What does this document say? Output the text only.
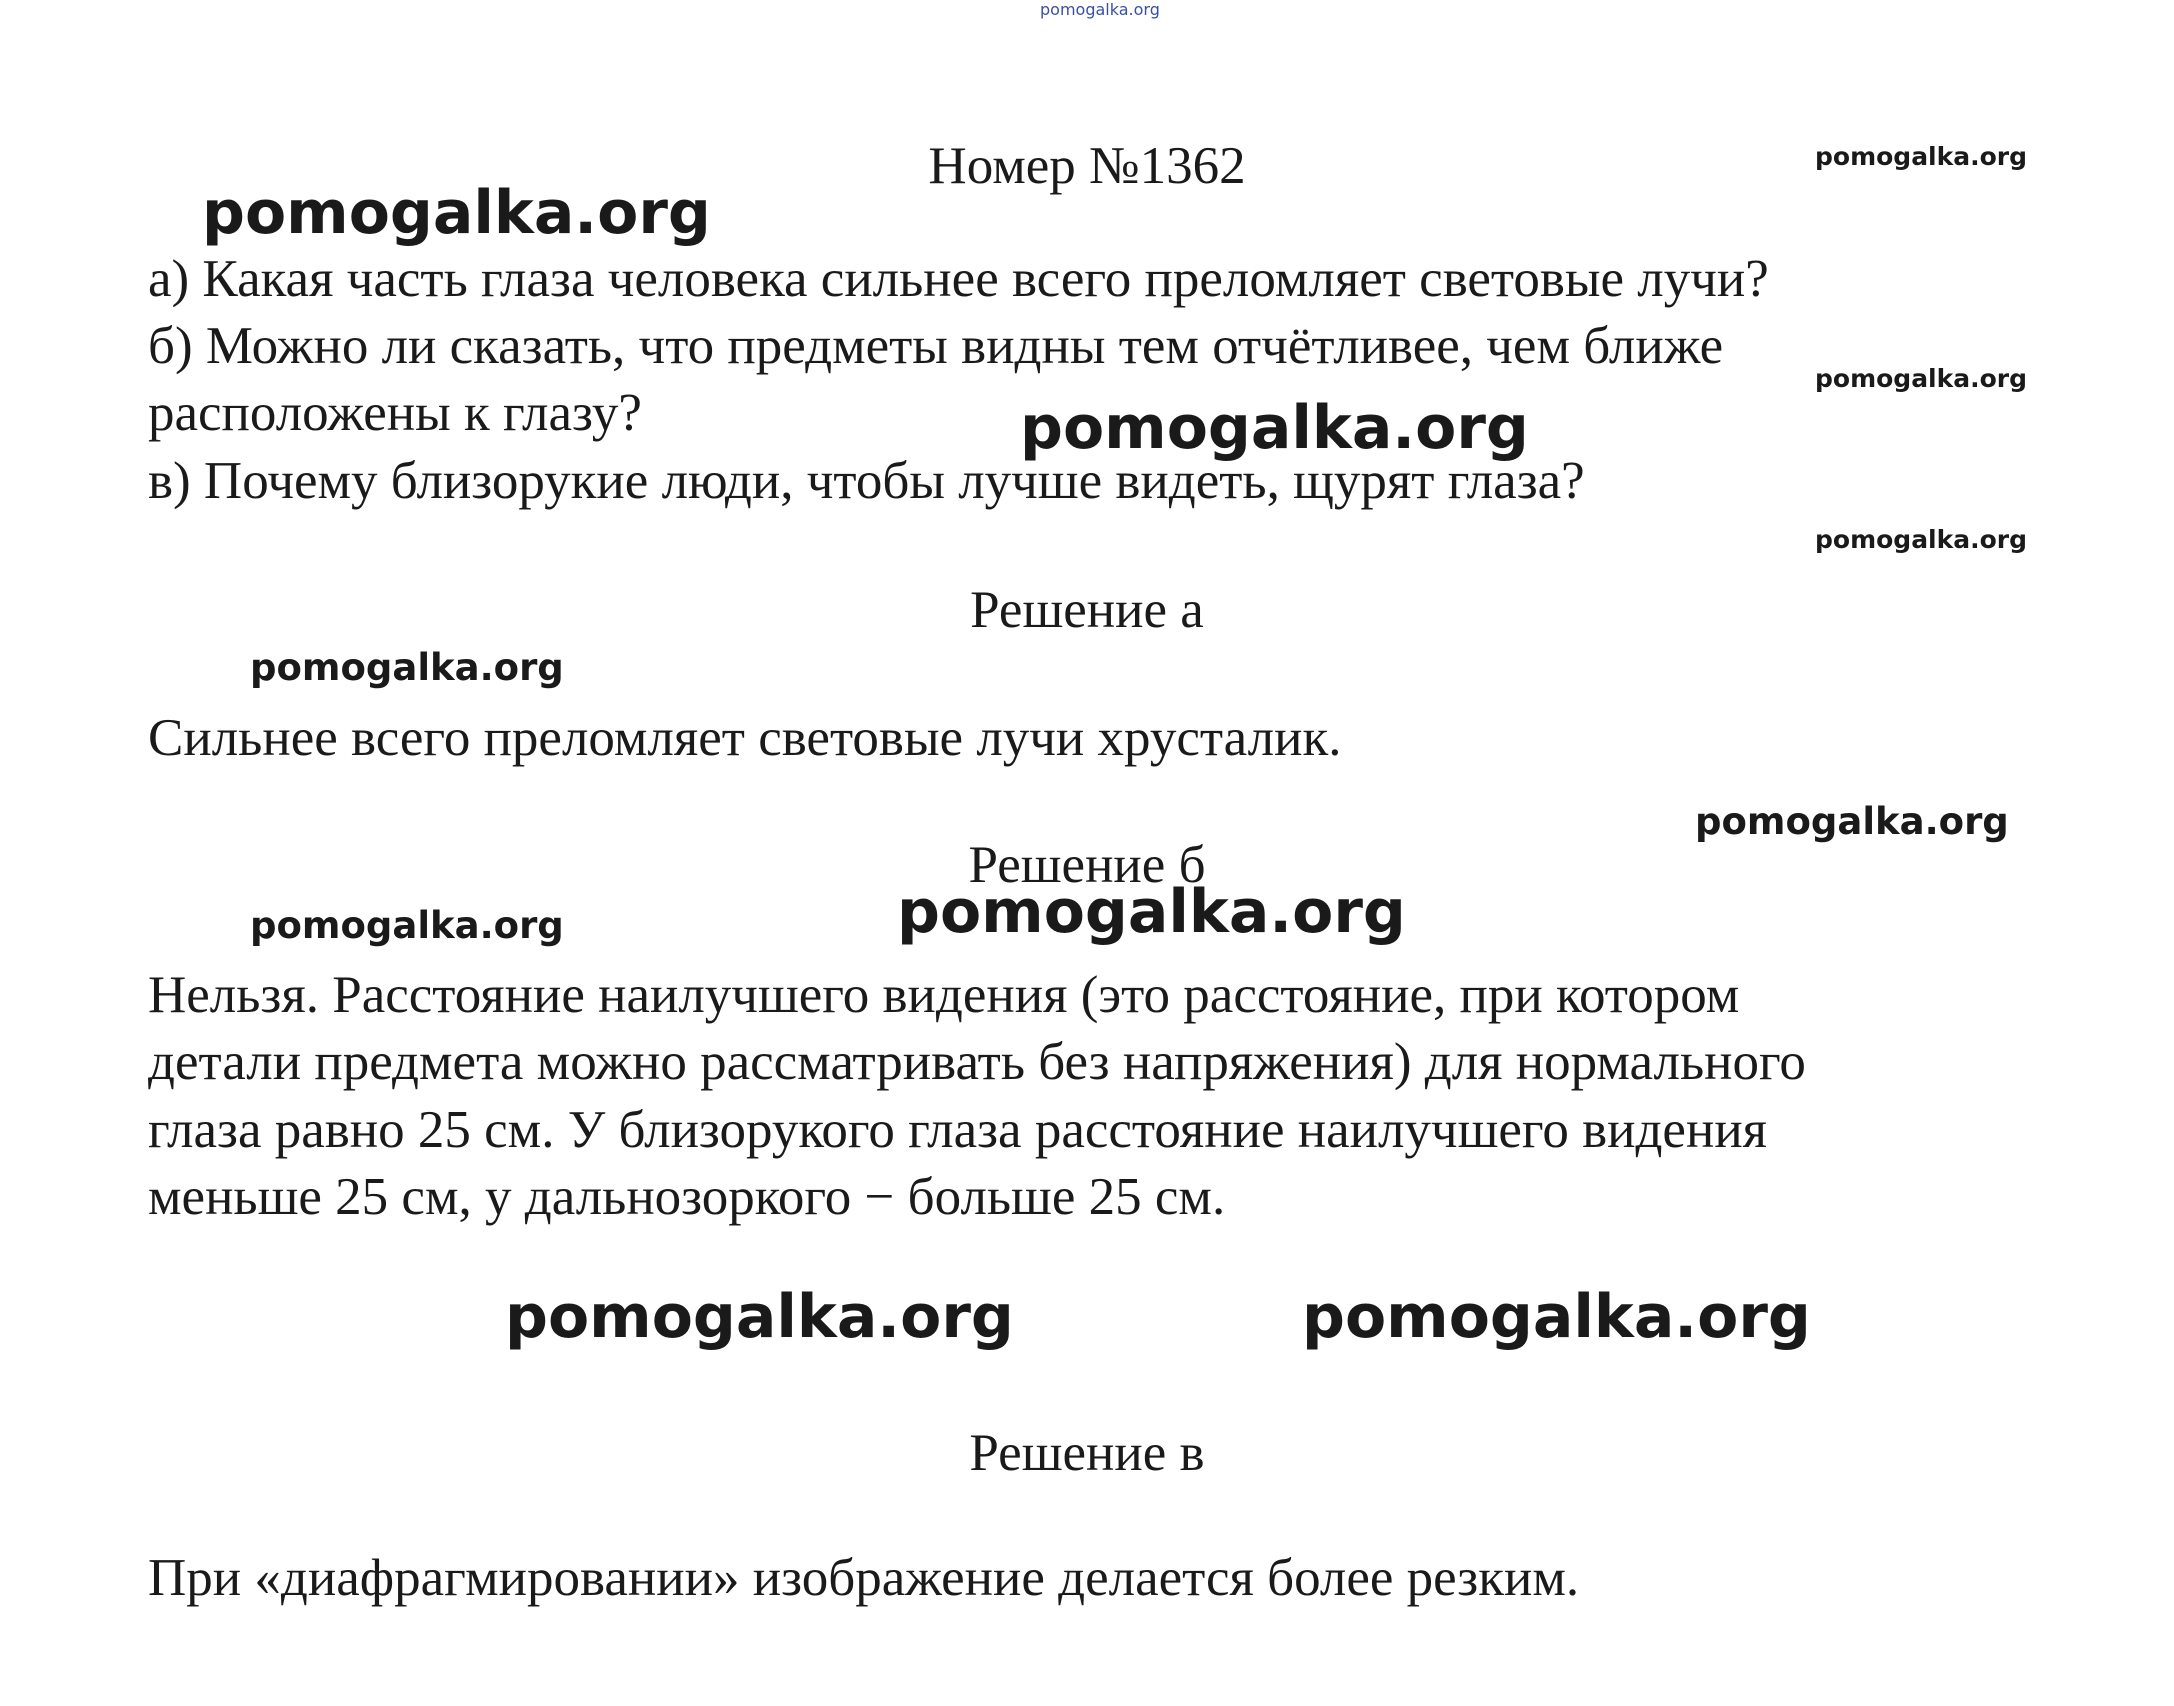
pomogalka.org
pomogalka.org
pomogalka.org
pomogalka.org
pomogalka.org
pomogalka.org
pomogalka.org
pomogalka.org
pomogalka.org	pomogalka.org
pomogalka.org	pomogalka.org
Номер №1362
а) Какая часть глаза человека сильнее всего преломляет световые лучи?
б) Можно ли сказать, что предметы видны тем отчётливее, чем ближе
расположены к глазу?
в) Почему близорукие люди, чтобы лучше видеть, щурят глаза?
Решение а
Сильнее всего преломляет световые лучи хрусталик.
Решение б
Нельзя. Расстояние наилучшего видения (это расстояние, при котором
детали предмета можно рассматривать без напряжения) для нормального
глаза равно 25 см. У близорукого глаза расстояние наилучшего видения
меньше 25 см, у дальнозоркого − больше 25 см.
Решение в
При «диафрагмировании» изображение делается более резким.
